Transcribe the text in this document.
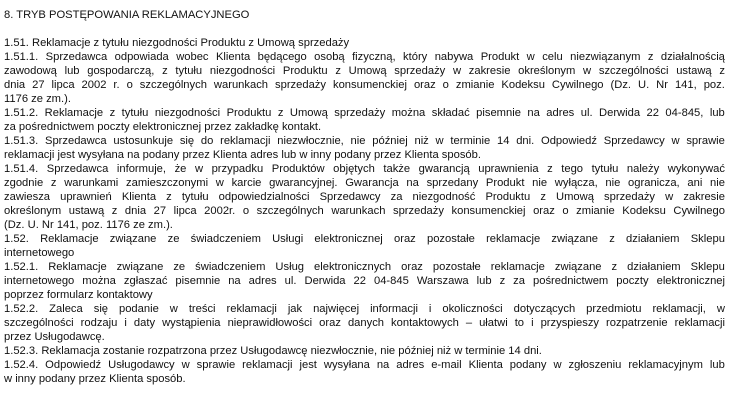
8. TRYB POSTĘPOWANIA REKLAMACYJNEGO

1.51. Reklamacje z tytułu niezgodności Produktu z Umową sprzedaży

1.51.1. Sprzedawca odpowiada wobec Klienta będącego osobą fizyczną, który nabywa Produkt w celu niezwiązanym z działalnością
zawodową lub gospodarczą, z tytułu niezgodności Produktu z Umową sprzedaży w zakresie określonym w szczególności ustawą z
dnia 27 lipca 2002 r. o szczególnych warunkach sprzedaży konsumenckiej oraz o zmianie Kodeksu Cywilnego (Dz. U. Nr 141, poz.
1176 ze zm.).

1.51.2. Reklamacje z tytułu niezgodności Produktu z Umową sprzedaży można składać pisemnie na adres ul. Derwida 22 04-845, lub
za pośrednictwem poczty elektronicznej przez zakładkę kontakt.

1.51.3. Sprzedawca ustosunkuje się do reklamacji niezwłocznie, nie później niż w terminie 14 dni. Odpowiedź Sprzedawcy w sprawie
reklamacji jest wysyłana na podany przez Klienta adres lub w inny podany przez Klienta sposób.

1.51.4. Sprzedawca informuje, że w przypadku Produktów objętych także gwarancją uprawnienia z tego tytułu należy wykonywać
zgodnie z warunkami zamieszczonymi w karcie gwarancyjnej. Gwarancja na sprzedany Produkt nie wyłącza, nie ogranicza, ani nie
zawiesza uprawnień Klienta z tytułu odpowiedzialności Sprzedawcy za niezgodność Produktu z Umową sprzedaży w zakresie
określonym ustawą z dnia 27 lipca 2002r. o szczególnych warunkach sprzedaży konsumenckiej oraz o zmianie Kodeksu Cywilnego
(Dz. U. Nr 141, poz. 1176 ze zm.).

1.52. Reklamacje związane ze świadczeniem Usługi elektronicznej oraz pozostałe reklamacje związane z działaniem Sklepu
internetowego

1.52.1. Reklamacje związane ze świadczeniem Usług elektronicznych oraz pozostałe reklamacje związane z działaniem Sklepu
internetowego można zgłaszać pisemnie na adres ul. Derwida 22 04-845 Warszawa lub z za pośrednictwem poczty elektronicznej
poprzez formularz kontaktowy

1.52.2. Zaleca się podanie w treści reklamacji jak najwięcej informacji i okoliczności dotyczących przedmiotu reklamacji, w
szczególności rodzaju i daty wystąpienia nieprawidłowości oraz danych kontaktowych – ułatwi to i przyspieszy rozpatrzenie reklamacji
przez Usługodawcę.

1.52.3. Reklamacja zostanie rozpatrzona przez Usługodawcę niezwłocznie, nie później niż w terminie 14 dni.

1.52.4. Odpowiedź Usługodawcy w sprawie reklamacji jest wysyłana na adres e-mail Klienta podany w zgłoszeniu reklamacyjnym lub
w inny podany przez Klienta sposób.
